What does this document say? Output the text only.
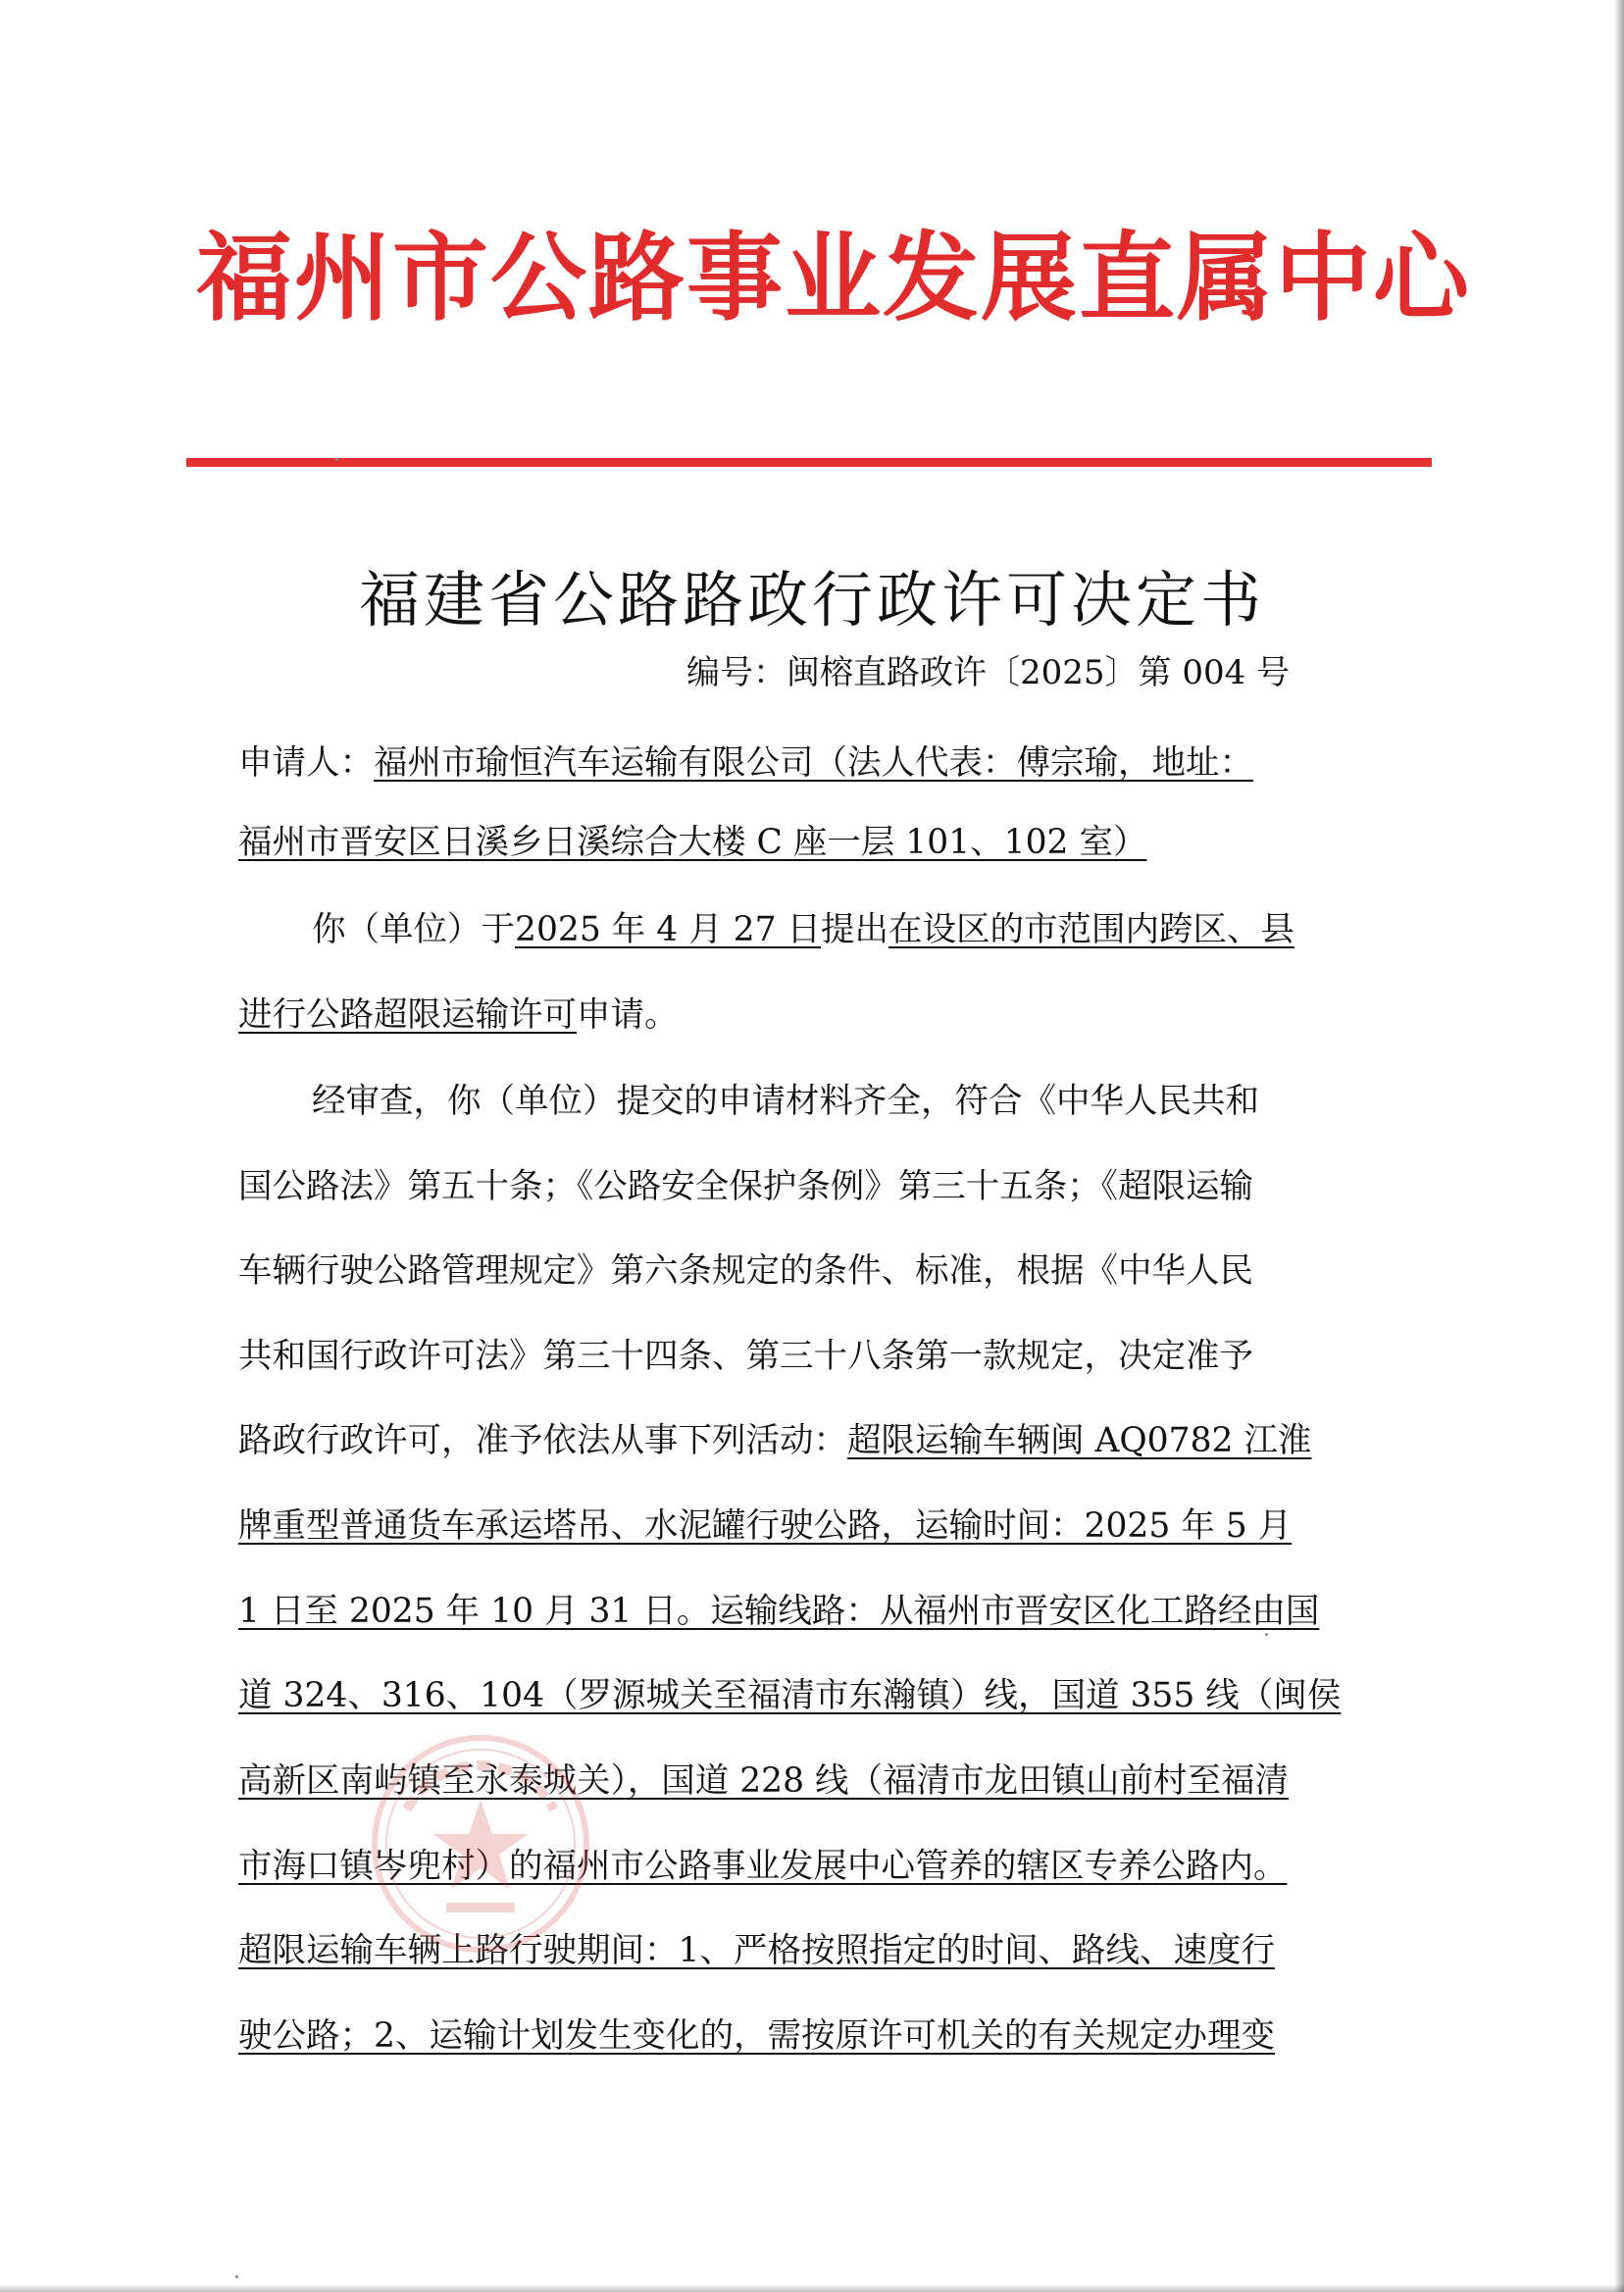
福州市公路事业发展直属中心
福建省公路路政行政许可决定书
编号：闽榕直路政许〔2025〕第 004 号
申请人：福州市瑜恒汽车运输有限公司（法人代表：傅宗瑜，地址：
福州市晋安区日溪乡日溪综合大楼 C 座一层 101、102 室）
你（单位）于2025 年 4 月 27 日提出在设区的市范围内跨区、县
进行公路超限运输许可申请。
经审查，你（单位）提交的申请材料齐全，符合《中华人民共和
国公路法》第五十条；《公路安全保护条例》第三十五条；《超限运输
车辆行驶公路管理规定》第六条规定的条件、标准，根据《中华人民
共和国行政许可法》第三十四条、第三十八条第一款规定，决定准予
路政行政许可，准予依法从事下列活动：超限运输车辆闽 AQ0782 江淮
牌重型普通货车承运塔吊、水泥罐行驶公路，运输时间：2025 年 5 月
1 日至 2025 年 10 月 31 日。运输线路：从福州市晋安区化工路经由国
道 324、316、104（罗源城关至福清市东瀚镇）线，国道 355 线（闽侯
高新区南屿镇至永泰城关），国道 228 线（福清市龙田镇山前村至福清
市海口镇岑兜村）的福州市公路事业发展中心管养的辖区专养公路内。
超限运输车辆上路行驶期间：1、严格按照指定的时间、路线、速度行
驶公路；2、运输计划发生变化的，需按原许可机关的有关规定办理变
